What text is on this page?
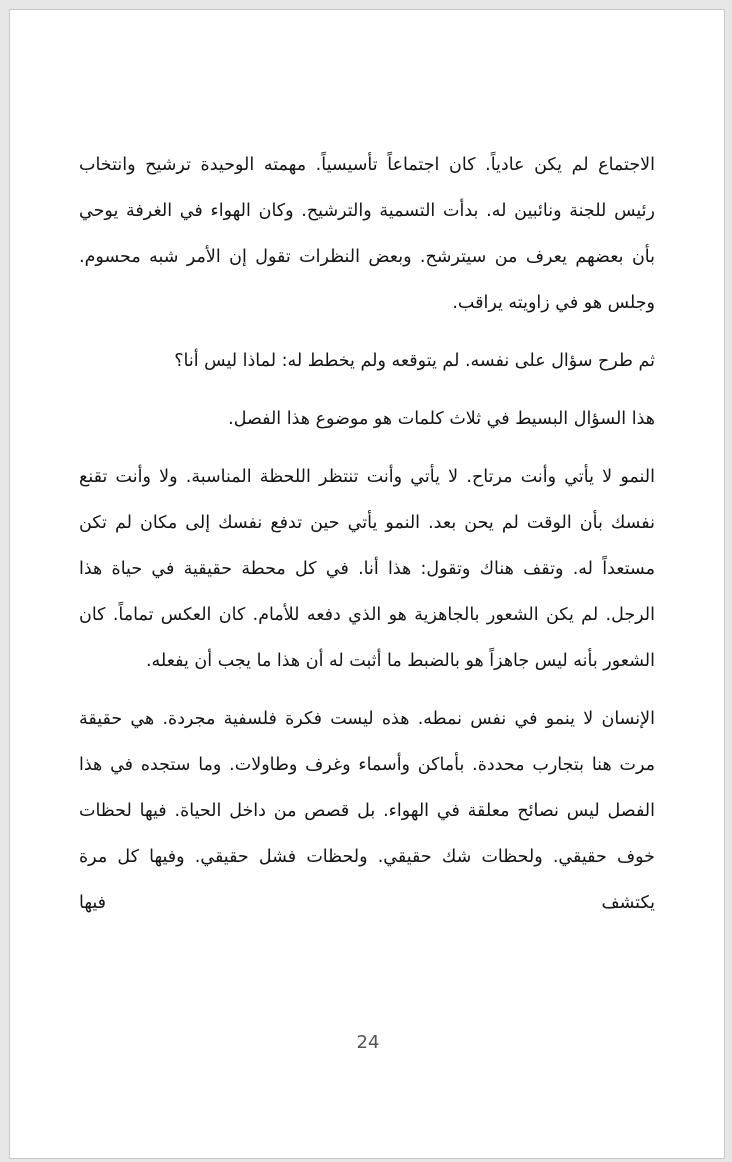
الاجتماع لم يكن عادياً. كان اجتماعاً تأسيسياً. مهمته الوحيدة ترشيح وانتخاب رئيس للجنة ونائبين له. بدأت التسمية والترشيح. وكان الهواء في الغرفة يوحي بأن بعضهم يعرف من سيترشح. وبعض النظرات تقول إن الأمر شبه محسوم. وجلس هو في زاويته يراقب.

ثم طرح سؤال على نفسه. لم يتوقعه ولم يخطط له: لماذا ليس أنا؟

هذا السؤال البسيط في ثلاث كلمات هو موضوع هذا الفصل.

النمو لا يأتي وأنت مرتاح. لا يأتي وأنت تنتظر اللحظة المناسبة. ولا وأنت تقنع نفسك بأن الوقت لم يحن بعد. النمو يأتي حين تدفع نفسك إلى مكان لم تكن مستعداً له. وتقف هناك وتقول: هذا أنا. في كل محطة حقيقية في حياة هذا الرجل. لم يكن الشعور بالجاهزية هو الذي دفعه للأمام. كان العكس تماماً. كان الشعور بأنه ليس جاهزاً هو بالضبط ما أثبت له أن هذا ما يجب أن يفعله.

الإنسان لا ينمو في نفس نمطه. هذه ليست فكرة فلسفية مجردة. هي حقيقة مرت هنا بتجارب محددة. بأماكن وأسماء وغرف وطاولات. وما ستجده في هذا الفصل ليس نصائح معلقة في الهواء. بل قصص من داخل الحياة. فيها لحظات خوف حقيقي. ولحظات شك حقيقي. ولحظات فشل حقيقي. وفيها كل مرة يكتشف فيها

24
